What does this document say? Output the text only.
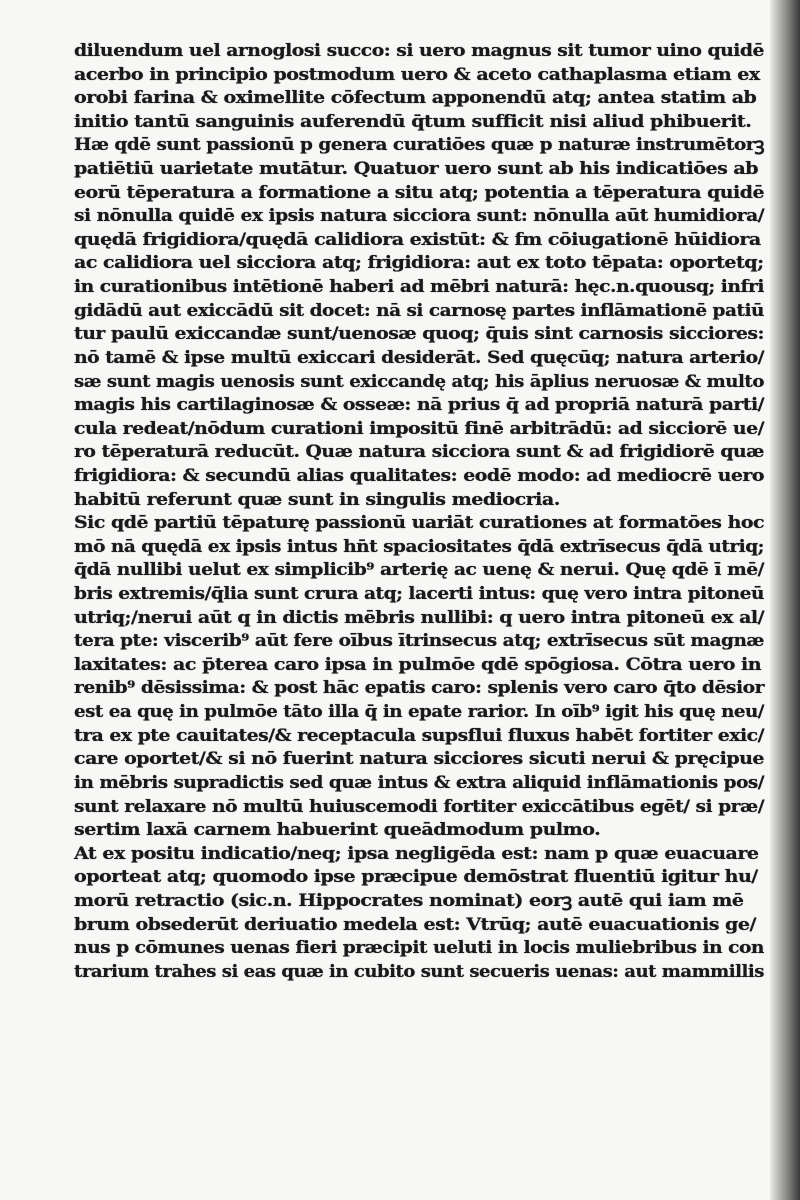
diluendum uel arnoglosi succo: si uero magnus sit tumor uino quidē
acerbo in principio postmodum uero & aceto cathaplasma etiam ex
orobi farina & oximellite cōfectum apponendū atq; antea statim ab
initio tantū sanguinis auferendū q̄tum sufficit nisi aliud phibuerit.
Hæ qdē sunt passionū p genera curatiōes quæ p naturæ instrumētorꝫ
patiētiū uarietate mutātur. Quatuor uero sunt ab his indicatiōes ab
eorū tēperatura a formatione a situ atq; potentia a tēperatura quidē
si nōnulla quidē ex ipsis natura sicciora sunt: nōnulla aūt humidiora/
quędā frigidiora/quędā calidiora existūt: & fm cōiugationē hūidiora
ac calidiora uel sicciora atq; frigidiora: aut ex toto tēpata: oportetq;
in curationibus intētionē haberi ad mēbri naturā: hęc.n.quousq; infri
gidādū aut exiccādū sit docet: nā si carnosę partes inflāmationē patiū
tur paulū exiccandæ sunt/uenosæ quoq; q̄uis sint carnosis sicciores:
nō tamē & ipse multū exiccari desiderāt. Sed quęcūq; natura arterio/
sæ sunt magis uenosis sunt exiccandę atq; his āplius neruosæ & multo
magis his cartilaginosæ & osseæ: nā prius q̄ ad propriā naturā parti/
cula redeat/nōdum curationi impositū finē arbitrādū: ad sicciorē ue/
ro tēperaturā reducūt. Quæ natura sicciora sunt & ad frigidiorē quæ
frigidiora: & secundū alias qualitates: eodē modo: ad mediocrē uero
habitū referunt quæ sunt in singulis mediocria.
Sic qdē partiū tēpaturę passionū uariāt curationes at formatōes hoc
mō nā quędā ex ipsis intus hn̄t spaciositates q̄dā extrīsecus q̄dā utriq;
q̄dā nullibi uelut ex simplicib⁹ arterię ac uenę & nerui. Quę qdē ī mē/
bris extremis/q̄lia sunt crura atq; lacerti intus: quę vero intra pitoneū
utriq;/nerui aūt q in dictis mēbris nullibi: q uero intra pitoneū ex al/
tera pte: viscerib⁹ aūt fere oībus ītrinsecus atq; extrīsecus sūt magnæ
laxitates: ac p̄terea caro ipsa in pulmōe qdē spōgiosa. Cōtra uero in
renib⁹ dēsissima: & post hāc epatis caro: splenis vero caro q̄to dēsior
est ea quę in pulmōe tāto illa q̄ in epate rarior. In oīb⁹ igit his quę neu/
tra ex pte cauitates/& receptacula supsflui fluxus habēt fortiter exic/
care oportet/& si nō fuerint natura sicciores sicuti nerui & pręcipue
in mēbris supradictis sed quæ intus & extra aliquid inflāmationis pos/
sunt relaxare nō multū huiuscemodi fortiter exiccātibus egēt/ si præ/
sertim laxā carnem habuerint queādmodum pulmo.
At ex positu indicatio/neq; ipsa negligēda est: nam p quæ euacuare
oporteat atq; quomodo ipse præcipue demōstrat fluentiū igitur hu/
morū retractio (sic.n. Hippocrates nominat) eorꝫ autē qui iam mē
brum obsederūt deriuatio medela est: Vtrūq; autē euacuationis ge/
nus p cōmunes uenas fieri præcipit ueluti in locis muliebribus in con
trarium trahes si eas quæ in cubito sunt secueris uenas: aut mammillis
